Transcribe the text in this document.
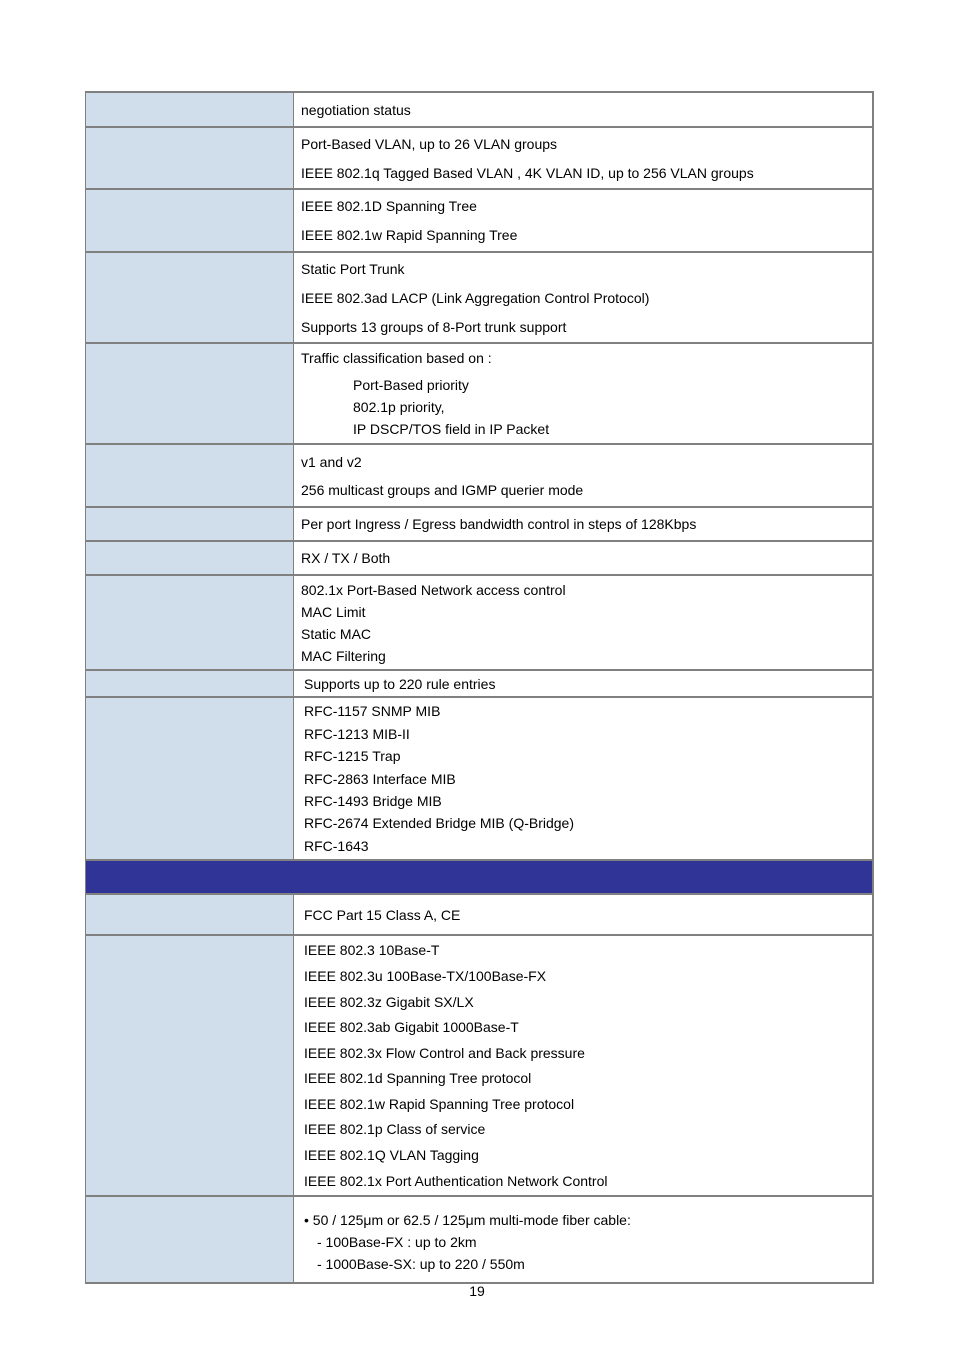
negotiation status
Port-Based VLAN, up to 26 VLAN groups
IEEE 802.1q Tagged Based VLAN , 4K VLAN ID, up to 256 VLAN groups
IEEE 802.1D Spanning Tree
IEEE 802.1w Rapid Spanning Tree
Static Port Trunk
IEEE 802.3ad LACP (Link Aggregation Control Protocol)
Supports 13 groups of 8-Port trunk support
Traffic classification based on :
Port-Based priority
802.1p priority,
IP DSCP/TOS field in IP Packet
v1 and v2
256 multicast groups and IGMP querier mode
Per port Ingress / Egress bandwidth control in steps of 128Kbps
RX / TX / Both
802.1x Port-Based Network access control
MAC Limit
Static MAC
MAC Filtering
Supports up to 220 rule entries
RFC-1157 SNMP MIB
RFC-1213 MIB-II
RFC-1215 Trap
RFC-2863 Interface MIB
RFC-1493 Bridge MIB
RFC-2674 Extended Bridge MIB (Q-Bridge)
RFC-1643
FCC Part 15 Class A, CE
IEEE 802.3 10Base-T
IEEE 802.3u 100Base-TX/100Base-FX
IEEE 802.3z Gigabit SX/LX
IEEE 802.3ab Gigabit 1000Base-T
IEEE 802.3x Flow Control and Back pressure
IEEE 802.1d Spanning Tree protocol
IEEE 802.1w Rapid Spanning Tree protocol
IEEE 802.1p Class of service
IEEE 802.1Q VLAN Tagging
IEEE 802.1x Port Authentication Network Control
• 50 / 125μm or 62.5 / 125μm multi-mode fiber cable:
- 100Base-FX : up to 2km
- 1000Base-SX: up to 220 / 550m
19
